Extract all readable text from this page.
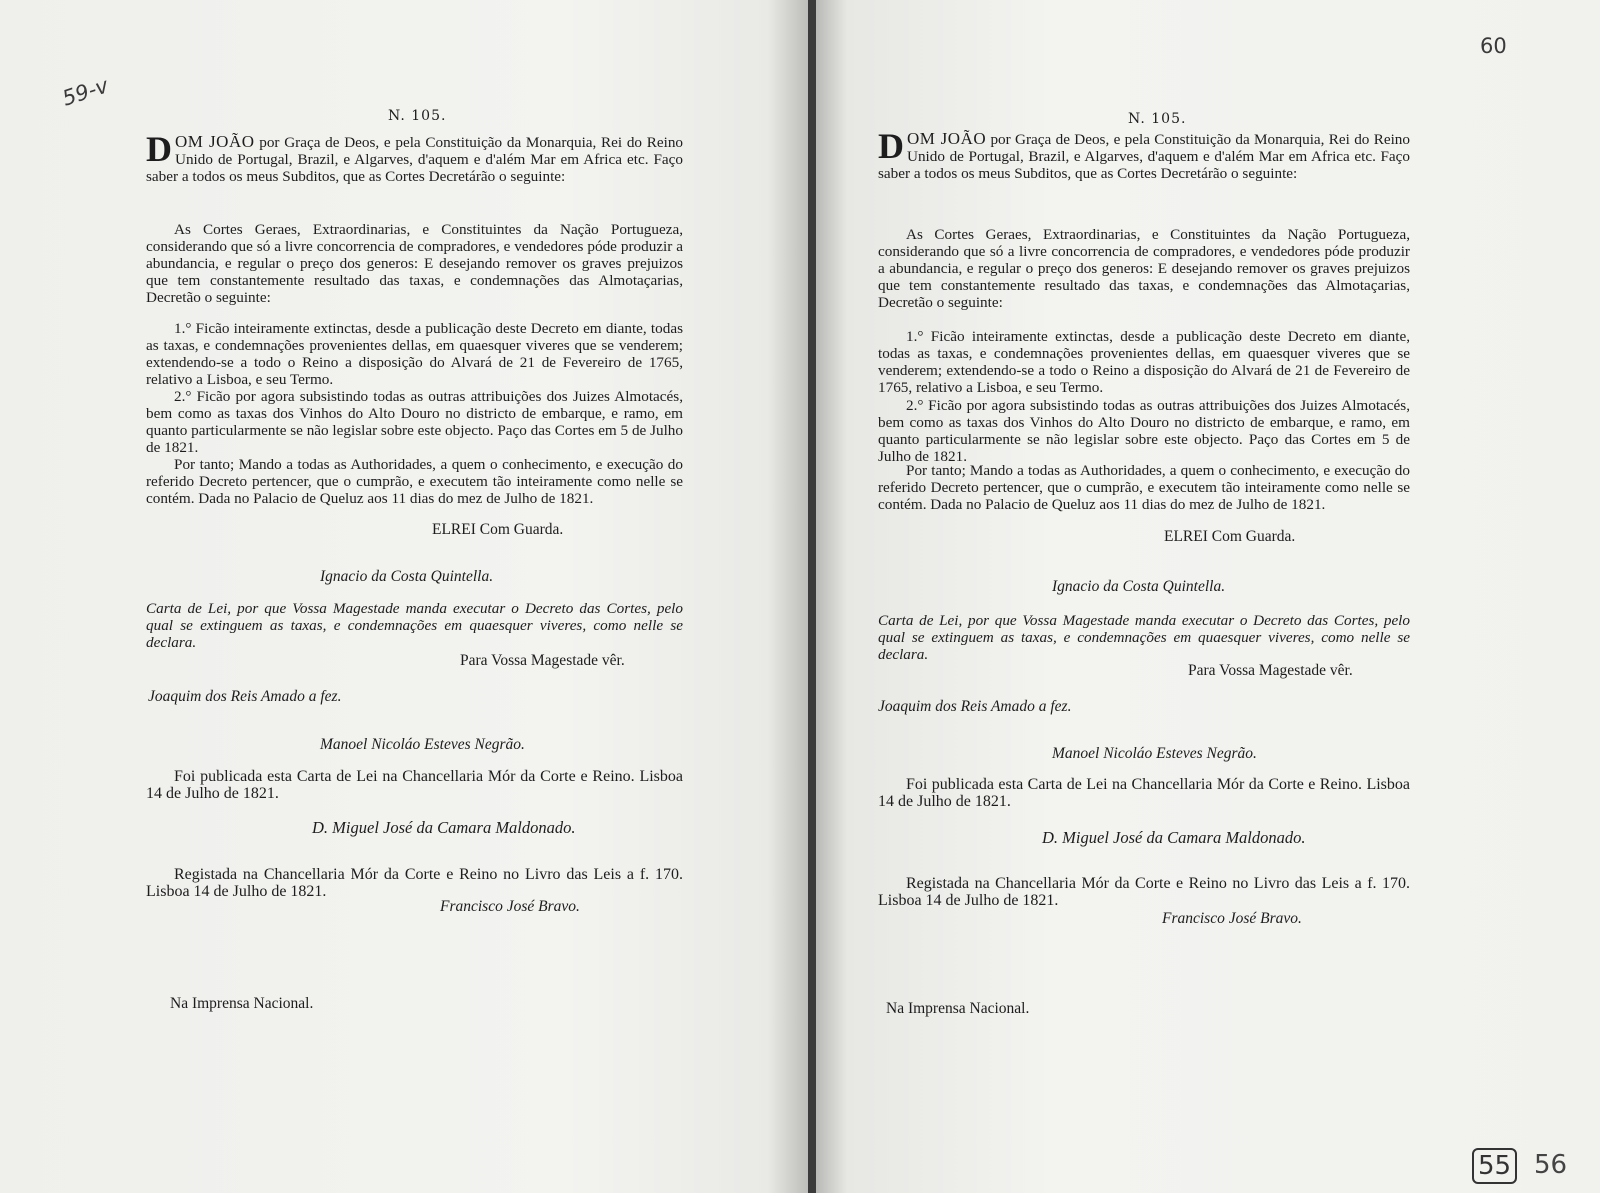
59-v
N. 105.
DOM JOÃO por Graça de Deos, e pela Constituição da Monarquia, Rei do Reino Unido de Portugal, Brazil, e Algarves, d'aquem e d'além Mar em Africa etc. Faço saber a todos os meus Subditos, que as Cortes Decretárão o seguinte:
As Cortes Geraes, Extraordinarias, e Constituintes da Nação Portugueza, considerando que só a livre concorrencia de compradores, e vendedores póde produzir a abundancia, e regular o preço dos generos: E desejando remover os graves prejuizos que tem constantemente resultado das taxas, e condemnações das Almotaçarias, Decretão o seguinte:
1.° Ficão inteiramente extinctas, desde a publicação deste Decreto em diante, todas as taxas, e condemnações provenientes dellas, em quaesquer viveres que se venderem; extendendo-se a todo o Reino a disposição do Alvará de 21 de Fevereiro de 1765, relativo a Lisboa, e seu Termo.
2.° Ficão por agora subsistindo todas as outras attribuições dos Juizes Almotacés, bem como as taxas dos Vinhos do Alto Douro no districto de embarque, e ramo, em quanto particularmente se não legislar sobre este objecto. Paço das Cortes em 5 de Julho de 1821.
Por tanto; Mando a todas as Authoridades, a quem o conhecimento, e execução do referido Decreto pertencer, que o cumprão, e executem tão inteiramente como nelle se contém. Dada no Palacio de Queluz aos 11 dias do mez de Julho de 1821.
ELREI Com Guarda.
Ignacio da Costa Quintella.
Carta de Lei, por que Vossa Magestade manda executar o Decreto das Cortes, pelo qual se extinguem as taxas, e condemnações em quaesquer viveres, como nelle se declara.
Para Vossa Magestade vêr.
Joaquim dos Reis Amado a fez.
Manoel Nicoláo Esteves Negrão.
Foi publicada esta Carta de Lei na Chancellaria Mór da Corte e Reino. Lisboa 14 de Julho de 1821.
D. Miguel José da Camara Maldonado.
Registada na Chancellaria Mór da Corte e Reino no Livro das Leis a f. 170. Lisboa 14 de Julho de 1821.
Francisco José Bravo.
Na Imprensa Nacional.
60
N. 105.
DOM JOÃO por Graça de Deos, e pela Constituição da Monarquia, Rei do Reino Unido de Portugal, Brazil, e Algarves, d'aquem e d'além Mar em Africa etc. Faço saber a todos os meus Subditos, que as Cortes Decretárão o seguinte:
As Cortes Geraes, Extraordinarias, e Constituintes da Nação Portugueza, considerando que só a livre concorrencia de compradores, e vendedores póde produzir a abundancia, e regular o preço dos generos: E desejando remover os graves prejuizos que tem constantemente resultado das taxas, e condemnações das Almotaçarias, Decretão o seguinte:
1.° Ficão inteiramente extinctas, desde a publicação deste Decreto em diante, todas as taxas, e condemnações provenientes dellas, em quaesquer viveres que se venderem; extendendo-se a todo o Reino a disposição do Alvará de 21 de Fevereiro de 1765, relativo a Lisboa, e seu Termo.
2.° Ficão por agora subsistindo todas as outras attribuições dos Juizes Almotacés, bem como as taxas dos Vinhos do Alto Douro no districto de embarque, e ramo, em quanto particularmente se não legislar sobre este objecto. Paço das Cortes em 5 de Julho de 1821.
Por tanto; Mando a todas as Authoridades, a quem o conhecimento, e execução do referido Decreto pertencer, que o cumprão, e executem tão inteiramente como nelle se contém. Dada no Palacio de Queluz aos 11 dias do mez de Julho de 1821.
ELREI Com Guarda.
Ignacio da Costa Quintella.
Carta de Lei, por que Vossa Magestade manda executar o Decreto das Cortes, pelo qual se extinguem as taxas, e condemnações em quaesquer viveres, como nelle se declara.
Para Vossa Magestade vêr.
Joaquim dos Reis Amado a fez.
Manoel Nicoláo Esteves Negrão.
Foi publicada esta Carta de Lei na Chancellaria Mór da Corte e Reino. Lisboa 14 de Julho de 1821.
D. Miguel José da Camara Maldonado.
Registada na Chancellaria Mór da Corte e Reino no Livro das Leis a f. 170. Lisboa 14 de Julho de 1821.
Francisco José Bravo.
Na Imprensa Nacional.
55 56
